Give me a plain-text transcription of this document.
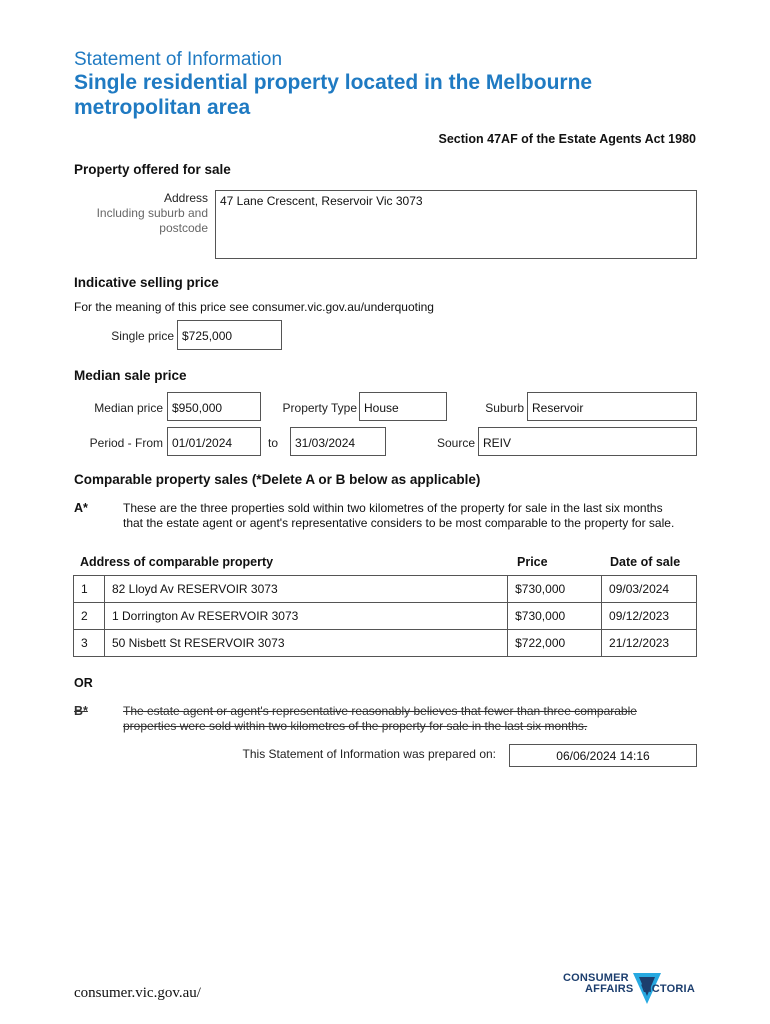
Statement of Information
Single residential property located in the Melbourne metropolitan area
Section 47AF of the Estate Agents Act 1980
Property offered for sale
Address
Including suburb and
postcode
47 Lane Crescent, Reservoir Vic 3073
Indicative selling price
For the meaning of this price see consumer.vic.gov.au/underquoting
Single price $725,000
Median sale price
Median price $950,000	Property Type House	Suburb Reservoir
Period - From 01/01/2024	to	31/03/2024	Source REIV
Comparable property sales (*Delete A or B below as applicable)
A*	These are the three properties sold within two kilometres of the property for sale in the last six months that the estate agent or agent's representative considers to be most comparable to the property for sale.
Address of comparable property	Price	Date of sale
1	82 Lloyd Av RESERVOIR 3073	$730,000	09/03/2024
2	1 Dorrington Av RESERVOIR 3073	$730,000	09/12/2023
3	50 Nisbett St RESERVOIR 3073	$722,000	21/12/2023
OR
B*	The estate agent or agent's representative reasonably believes that fewer than three comparable properties were sold within two kilometres of the property for sale in the last six months.
This Statement of Information was prepared on:	06/06/2024 14:16
consumer.vic.gov.au/
CONSUMER
AFFAIRS VICTORIA
